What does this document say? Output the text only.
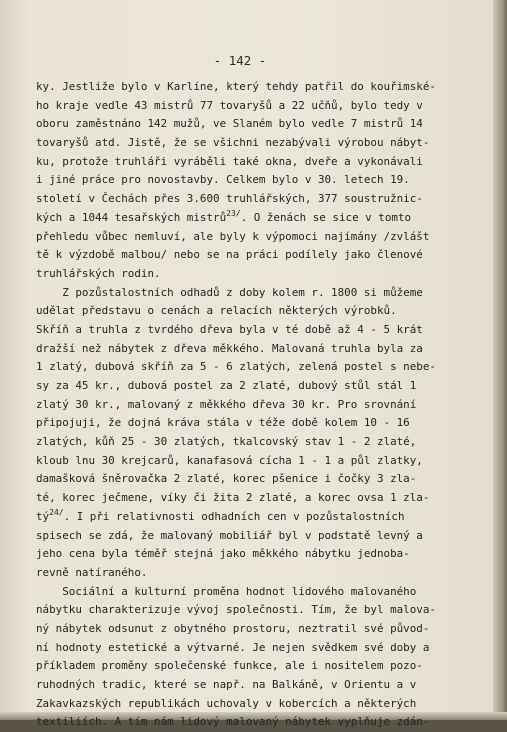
- 142 -
ky. Jestliže bylo v Karlíne, který tehdy patřil do kouřimské-
ho kraje vedle 43 mistrů 77 tovaryšů a 22 učňů, bylo tedy v
oboru zaměstnáno 142 mužů, ve Slaném bylo vedle 7 mistrů 14
tovaryšů atd. Jistě, že se všichni nezabývali výrobou nábyt-
ku, protože truhláři vyráběli také okna, dveře a vykonávali
i jiné práce pro novostavby. Celkem bylo v 30. letech 19.
století v Čechách přes 3.600 truhlářských, 377 soustružnic-
kých a 1044 tesařských mistrů$^{23/}$. O ženách se sice v tomto
přehledu vůbec nemluví, ale byly k výpomoci najímány /zvlášt
tě k výzdobě malbou/ nebo se na práci podílely jako členové
truhlářských rodin.
Z pozůstalostních odhadů z doby kolem r. 1800 si můžeme
udělat představu o cenách a relacích některých výrobků.
Skříň a truhla z tvrdého dřeva byla v té době až 4 - 5 krát
dražší než nábytek z dřeva měkkého. Malovaná truhla byla za
1 zlatý, dubová skříň za 5 - 6 zlatých, zelená postel s nebe-
sy za 45 kr., dubová postel za 2 zlaté, dubový stůl stál 1
zlatý 30 kr., malovaný z měkkého dřeva 30 kr. Pro srovnání
připojuji, že dojná kráva stála v téže době kolem 10 - 16
zlatých, kůň 25 - 30 zlatých, tkalcovský stav 1 - 2 zlaté,
kloub lnu 30 krejcarů, kanafasová cícha 1 - 1 a půl zlatky,
damašková šněrovačka 2 zlaté, korec pšenice i čočky 3 zla-
té, korec ječmene, víky či žita 2 zlaté, a korec ovsa 1 zla-
tý$^{24/}$. I při relativnosti odhadních cen v pozůstalostních
spisech se zdá, že malovaný mobiliář byl v podstatě levný a
jeho cena byla téměř stejná jako měkkého nábytku jednoba-
revně natíraného.
Sociální a kulturní proměna hodnot lidového malovaného
nábytku charakterizuje vývoj společnosti. Tím, že byl malova-
ný nábytek odsunut z obytného prostoru, neztratil své původ-
ní hodnoty estetické a výtvarné. Je nejen svědkem své doby a
příkladem proměny společenské funkce, ale i nositelem pozo-
ruhodných tradic, které se např. na Balkáně, v Orientu a v
Zakavkazských republikách uchovaly v kobercích a některých
textiliích. A tím nám lidový malovaný nábytek vyplňuje zdán-
